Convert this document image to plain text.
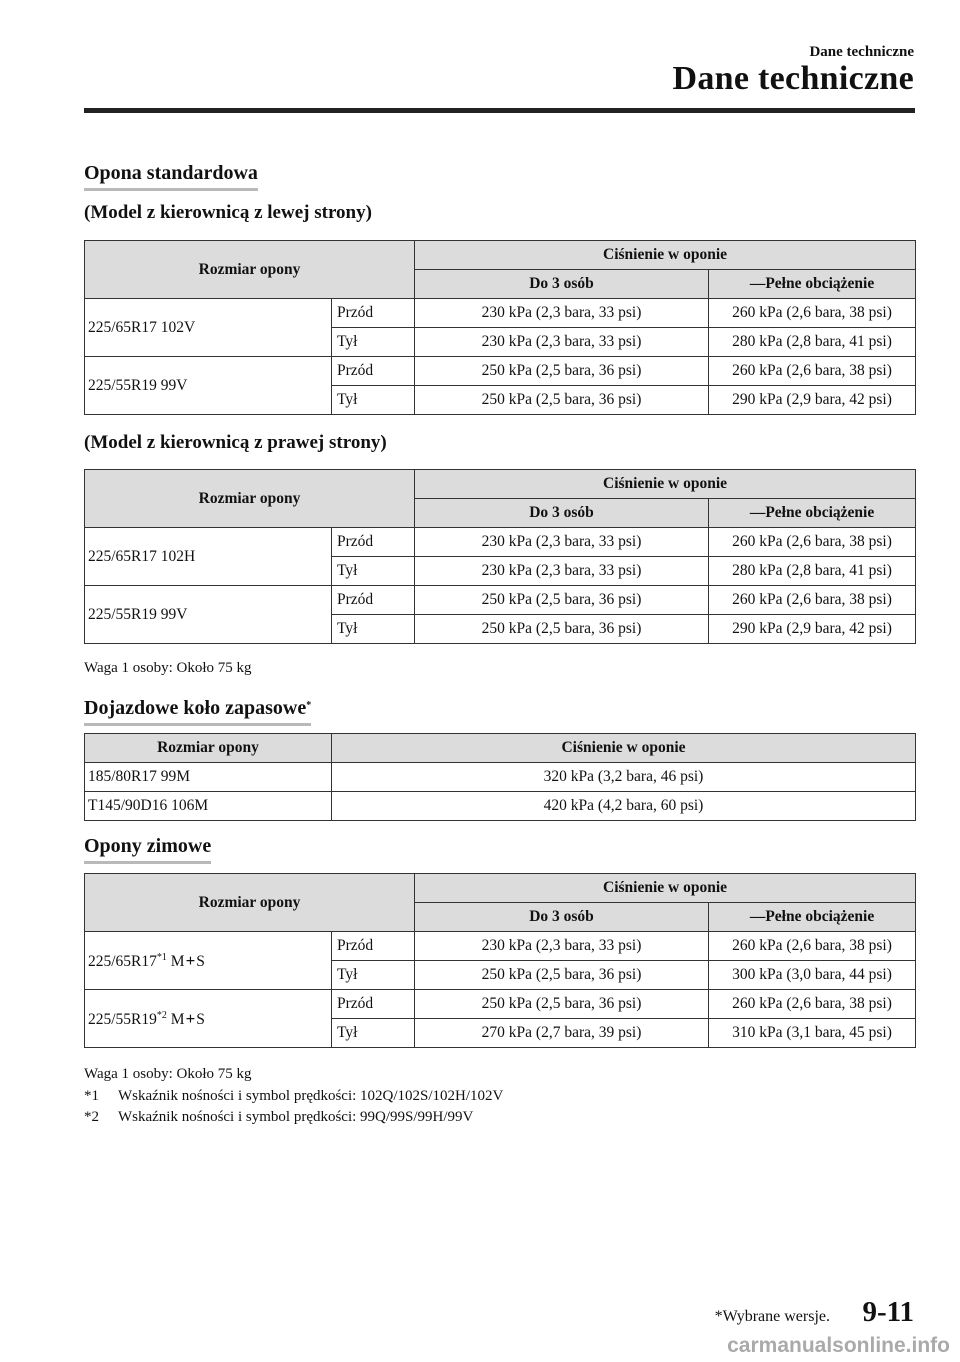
Dane techniczne
Dane techniczne
Opona standardowa
(Model z kierownicą z lewej strony)
Rozmiar opony		Ciśnienie w oponie	
		Do 3 osób	―Pełne obciążenie
225/65R17 102V	Przód	230 kPa (2,3 bara, 33 psi)	260 kPa (2,6 bara, 38 psi)
	Tył	230 kPa (2,3 bara, 33 psi)	280 kPa (2,8 bara, 41 psi)
225/55R19 99V	Przód	250 kPa (2,5 bara, 36 psi)	260 kPa (2,6 bara, 38 psi)
	Tył	250 kPa (2,5 bara, 36 psi)	290 kPa (2,9 bara, 42 psi)
(Model z kierownicą z prawej strony)
Rozmiar opony		Ciśnienie w oponie	
		Do 3 osób	―Pełne obciążenie
225/65R17 102H	Przód	230 kPa (2,3 bara, 33 psi)	260 kPa (2,6 bara, 38 psi)
	Tył	230 kPa (2,3 bara, 33 psi)	280 kPa (2,8 bara, 41 psi)
225/55R19 99V	Przód	250 kPa (2,5 bara, 36 psi)	260 kPa (2,6 bara, 38 psi)
	Tył	250 kPa (2,5 bara, 36 psi)	290 kPa (2,9 bara, 42 psi)
Waga 1 osoby: Około 75 kg
Dojazdowe koło zapasowe*
Rozmiar opony	Ciśnienie w oponie
185/80R17 99M	320 kPa (3,2 bara, 46 psi)
T145/90D16 106M	420 kPa (4,2 bara, 60 psi)
Opony zimowe
Rozmiar opony		Ciśnienie w oponie	
		Do 3 osób	―Pełne obciążenie
225/65R17$^{*1}$ M+S	Przód	230 kPa (2,3 bara, 33 psi)	260 kPa (2,6 bara, 38 psi)
	Tył	250 kPa (2,5 bara, 36 psi)	300 kPa (3,0 bara, 44 psi)
225/55R19$^{*2}$ M+S	Przód	250 kPa (2,5 bara, 36 psi)	260 kPa (2,6 bara, 38 psi)
	Tył	270 kPa (2,7 bara, 39 psi)	310 kPa (3,1 bara, 45 psi)
Waga 1 osoby: Około 75 kg
*1 Wskaźnik nośności i symbol prędkości: 102Q/102S/102H/102V
*2 Wskaźnik nośności i symbol prędkości: 99Q/99S/99H/99V
*Wybrane wersje. 9-11
carmanualsonline.info
